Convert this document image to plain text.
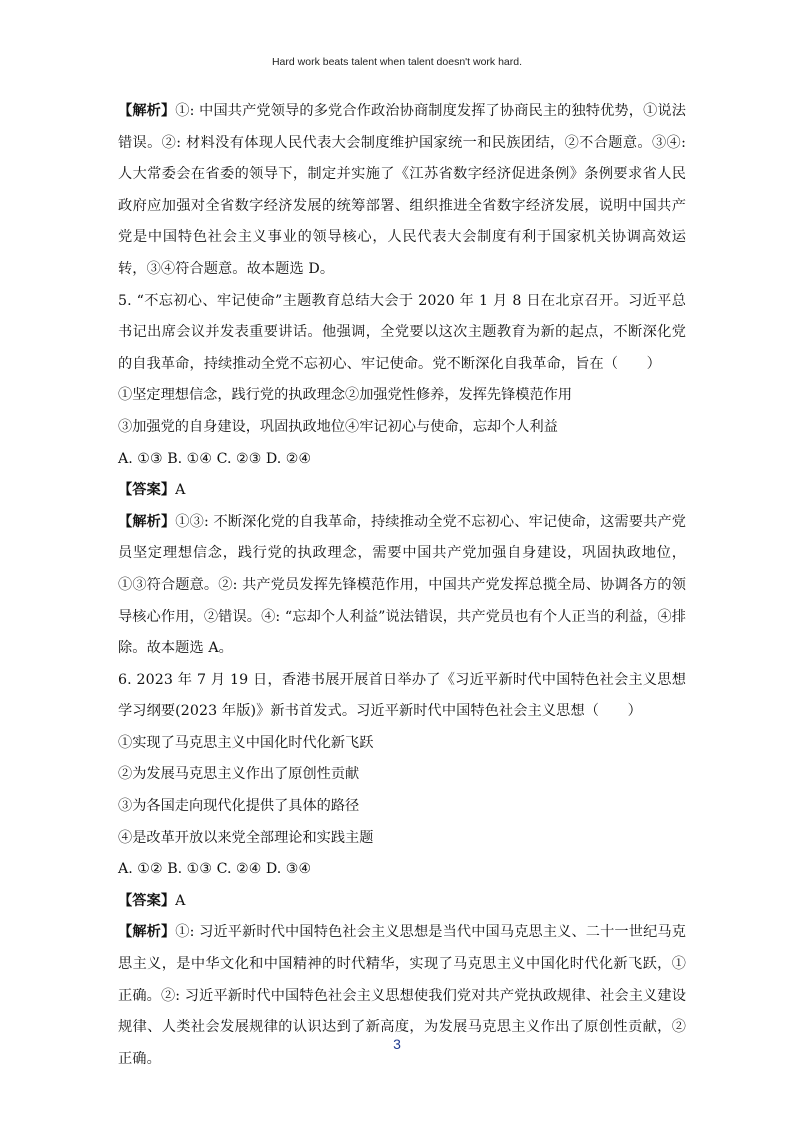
Hard work beats talent when talent doesn't work hard.

【解析】①: 中国共产党领导的多党合作政治协商制度发挥了协商民主的独特优势，①说法错误。②: 材料没有体现人民代表大会制度维护国家统一和民族团结，②不合题意。③④: 人大常委会在省委的领导下，制定并实施了《江苏省数字经济促进条例》条例要求省人民政府应加强对全省数字经济发展的统筹部署、组织推进全省数字经济发展，说明中国共产党是中国特色社会主义事业的领导核心，人民代表大会制度有利于国家机关协调高效运转，③④符合题意。故本题选 D。

5. “不忘初心、牢记使命”主题教育总结大会于 2020 年 1 月 8 日在北京召开。习近平总书记出席会议并发表重要讲话。他强调，全党要以这次主题教育为新的起点，不断深化党的自我革命，持续推动全党不忘初心、牢记使命。党不断深化自我革命，旨在（　　）

①坚定理想信念，践行党的执政理念②加强党性修养，发挥先锋模范作用

③加强党的自身建设，巩固执政地位④牢记初心与使命，忘却个人利益

A. ①③ B. ①④ C. ②③ D. ②④

【答案】A

【解析】①③: 不断深化党的自我革命，持续推动全党不忘初心、牢记使命，这需要共产党员坚定理想信念，践行党的执政理念，需要中国共产党加强自身建设，巩固执政地位，①③符合题意。②: 共产党员发挥先锋模范作用，中国共产党发挥总揽全局、协调各方的领导核心作用，②错误。④: “忘却个人利益”说法错误，共产党员也有个人正当的利益，④排除。故本题选 A。

6. 2023 年 7 月 19 日，香港书展开展首日举办了《习近平新时代中国特色社会主义思想学习纲要(2023 年版)》新书首发式。习近平新时代中国特色社会主义思想（　　）

①实现了马克思主义中国化时代化新飞跃

②为发展马克思主义作出了原创性贡献

③为各国走向现代化提供了具体的路径

④是改革开放以来党全部理论和实践主题

A. ①② B. ①③ C. ②④ D. ③④

【答案】A

【解析】①: 习近平新时代中国特色社会主义思想是当代中国马克思主义、二十一世纪马克思主义，是中华文化和中国精神的时代精华，实现了马克思主义中国化时代化新飞跃，①正确。②: 习近平新时代中国特色社会主义思想使我们党对共产党执政规律、社会主义建设规律、人类社会发展规律的认识达到了新高度，为发展马克思主义作出了原创性贡献，②正确。

3
